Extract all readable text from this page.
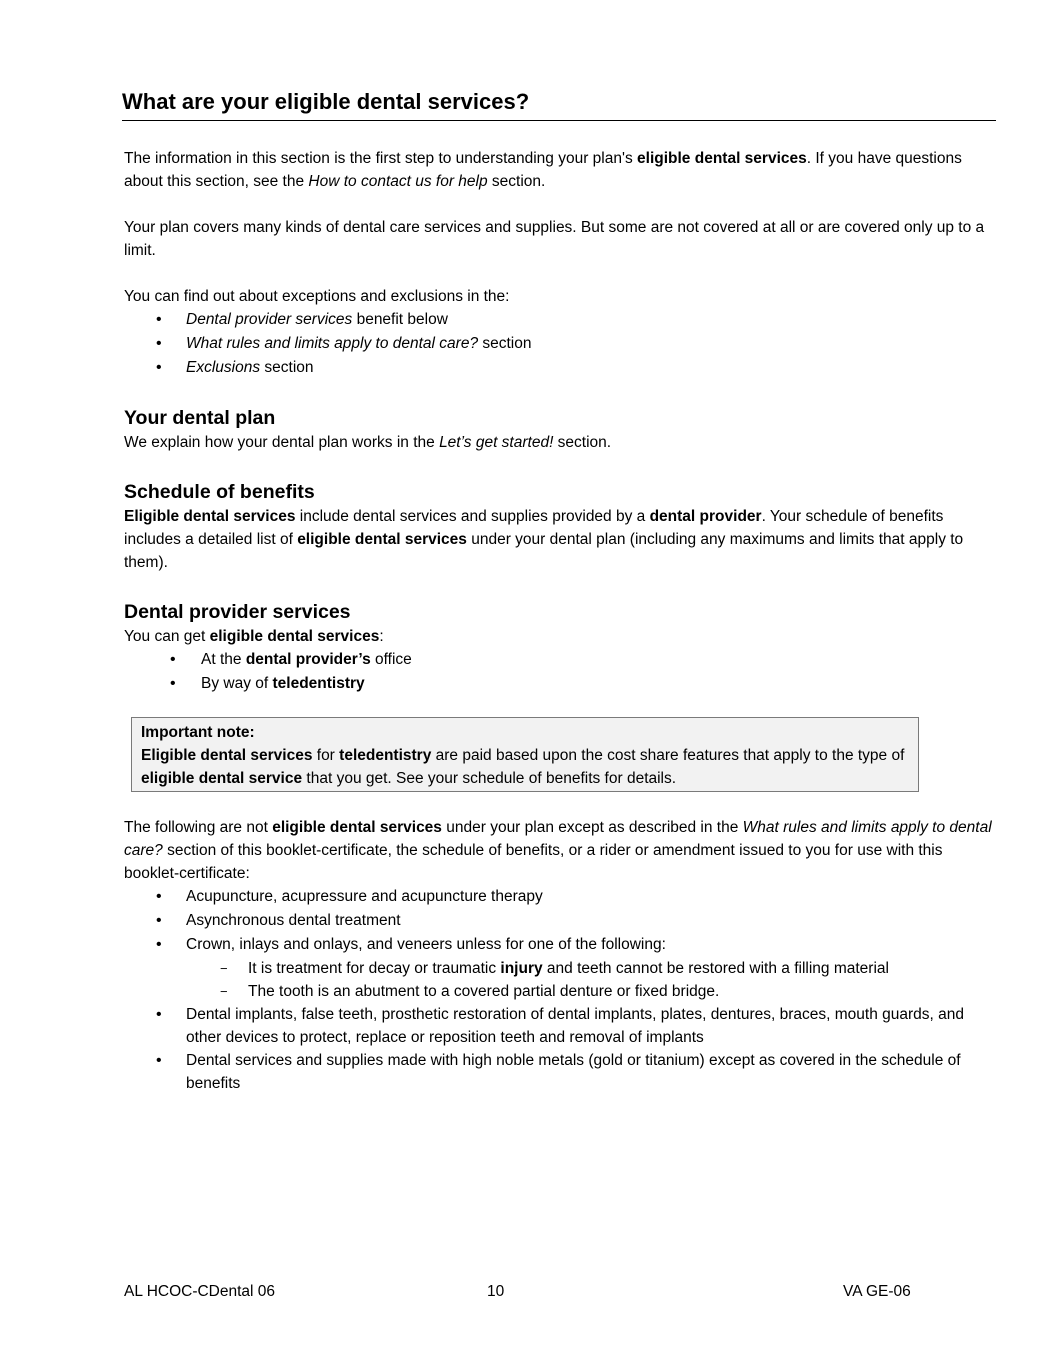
What are your eligible dental services?

The information in this section is the first step to understanding your plan's eligible dental services. If you have questions about this section, see the How to contact us for help section.

Your plan covers many kinds of dental care services and supplies. But some are not covered at all or are covered only up to a limit.

You can find out about exceptions and exclusions in the:

• Dental provider services benefit below
• What rules and limits apply to dental care? section
• Exclusions section
Your dental plan

We explain how your dental plan works in the Let’s get started! section.

Schedule of benefits

Eligible dental services include dental services and supplies provided by a dental provider. Your schedule of benefits includes a detailed list of eligible dental services under your dental plan (including any maximums and limits that apply to them).

Dental provider services

You can get eligible dental services:

• At the dental provider’s office
• By way of teledentistry
Important note:
Eligible dental services for teledentistry are paid based upon the cost share features that apply to the type of eligible dental service that you get. See your schedule of benefits for details.

The following are not eligible dental services under your plan except as described in the What rules and limits apply to dental care? section of this booklet-certificate, the schedule of benefits, or a rider or amendment issued to you for use with this booklet-certificate:

• Acupuncture, acupressure and acupuncture therapy
• Asynchronous dental treatment
• Crown, inlays and onlays, and veneers unless for one of the following:
− It is treatment for decay or traumatic injury and teeth cannot be restored with a filling material
− The tooth is an abutment to a covered partial denture or fixed bridge.
• Dental implants, false teeth, prosthetic restoration of dental implants, plates, dentures, braces, mouth guards, and other devices to protect, replace or reposition teeth and removal of implants
• Dental services and supplies made with high noble metals (gold or titanium) except as covered in the schedule of benefits
AL HCOC-CDental 06	10	VA GE-06
